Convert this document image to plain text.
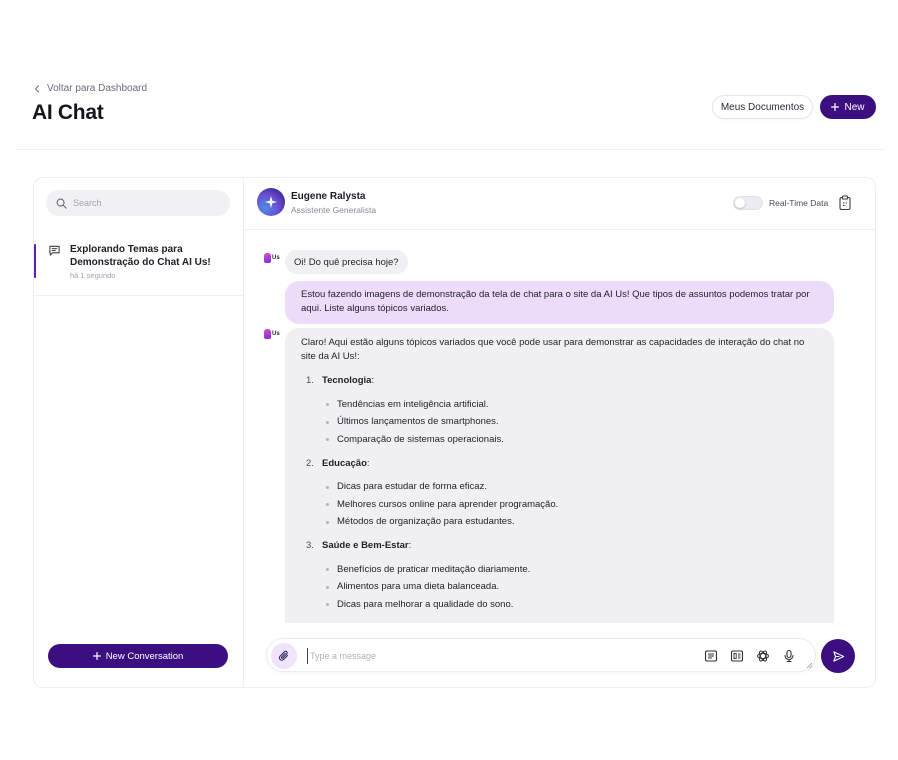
Voltar para Dashboard
AI Chat	Meus Documentos	New
Search
Explorando Temas para Demonstração do Chat AI Us!
há 1 segundo
New Conversation
Eugene Ralysta
Assistente Generalista
Real-Time Data
Us Oi! Do quê precisa hoje?
Estou fazendo imagens de demonstração da tela de chat para o site da AI Us! Que tipos de assuntos podemos tratar por aqui. Liste alguns tópicos variados.
Us
Claro! Aqui estão alguns tópicos variados que você pode usar para demonstrar as capacidades de interação do chat no site da AI Us!:
1. Tecnologia:
Tendências em inteligência artificial.
Últimos lançamentos de smartphones.
Comparação de sistemas operacionais.
2. Educação:
Dicas para estudar de forma eficaz.
Melhores cursos online para aprender programação.
Métodos de organização para estudantes.
3. Saúde e Bem-Estar:
Benefícios de praticar meditação diariamente.
Alimentos para uma dieta balanceada.
Dicas para melhorar a qualidade do sono.
Type a message
